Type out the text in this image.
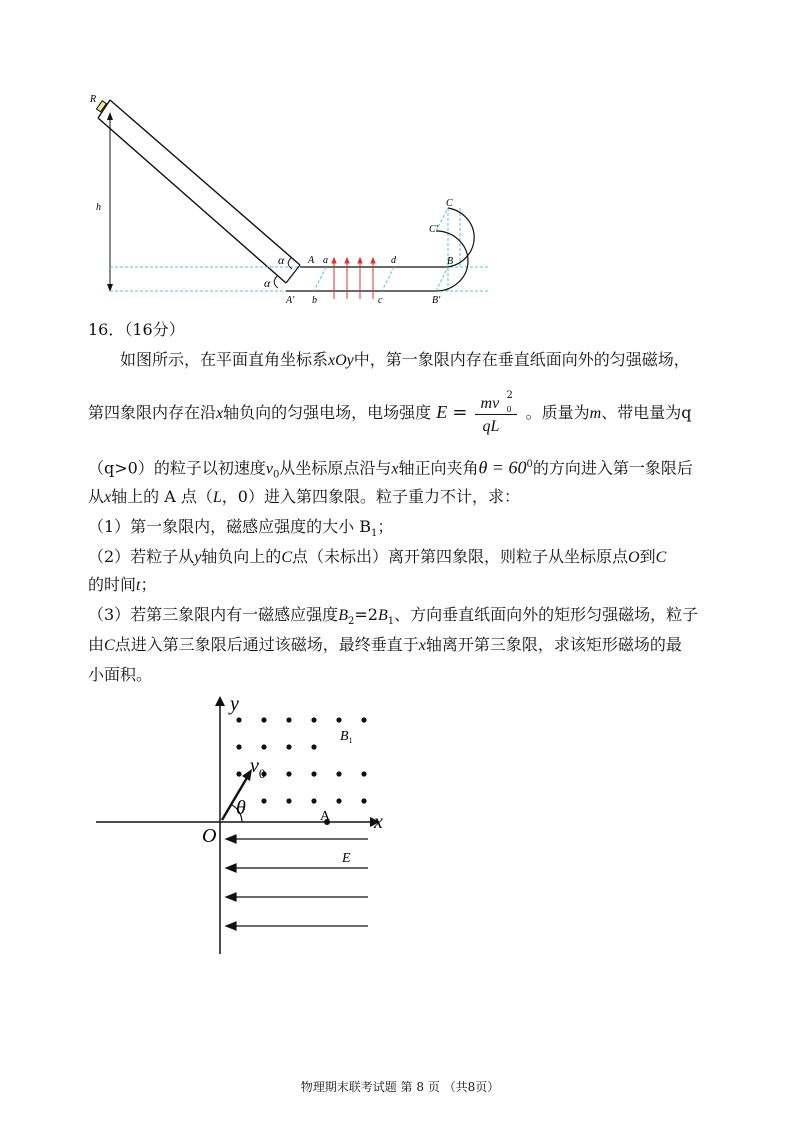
R
h
α
α
A a	d
A' b	c
C
C'
B
B'
16．（16分）
如图所示，在平面直角坐标系xOy中，第一象限内存在垂直纸面向外的匀强磁场，
第四象限内存在沿x轴负向的匀强电场，电场强度 E = mv 2
0
qL
。质量为m、带电量为q
（q>0）的粒子以初速度$v_0$从坐标原点沿与x轴正向夹角$\theta = 60^0$的方向进入第一象限后
从x轴上的 A 点（L，0）进入第四象限。粒子重力不计，求：
（1）第一象限内，磁感应强度的大小 $B_1$；
（2）若粒子从y轴负向上的C点（未标出）离开第四象限，则粒子从坐标原点O到C
的时间t；
（3）若第三象限内有一磁感应强度$B_2=2B_1$、方向垂直纸面向外的矩形匀强磁场，粒子
由C点进入第三象限后通过该磁场，最终垂直于x轴离开第三象限，求该矩形磁场的最
小面积。
x
y
O
$B_1$
$v_0$
θ	A
E
物理期末联考试题 第 8 页 （共8页）
